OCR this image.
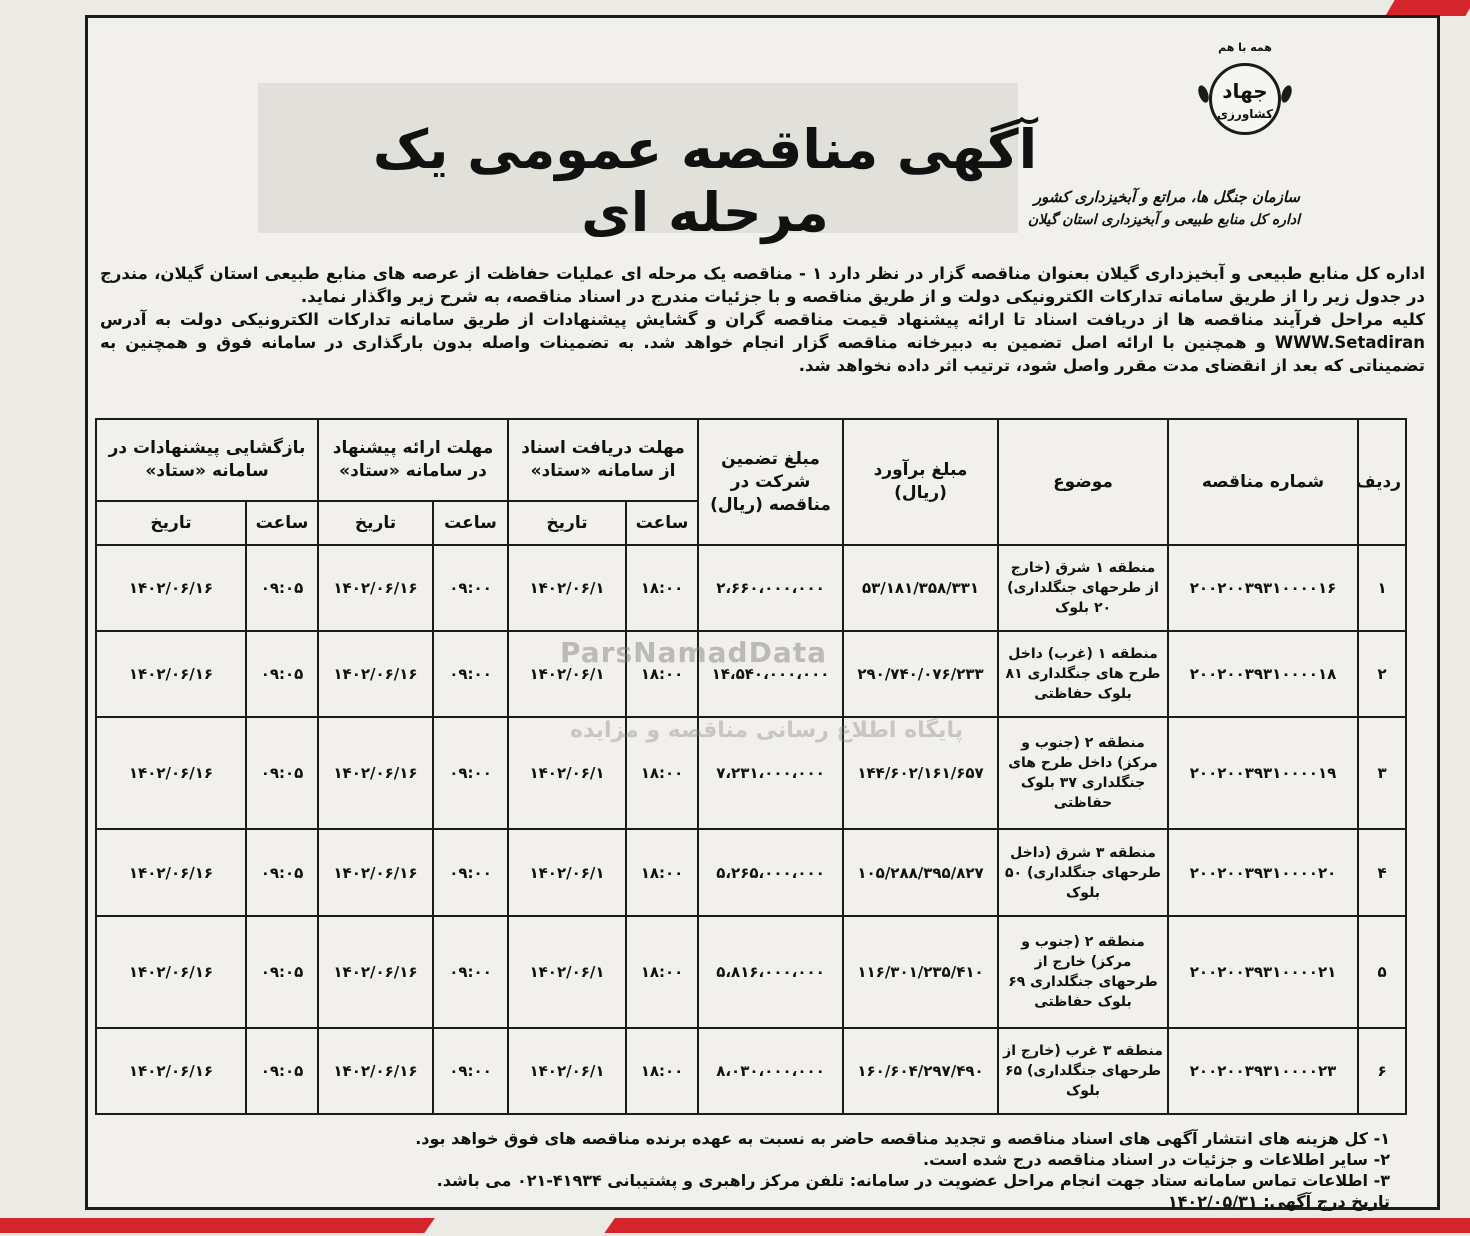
همه با هم
جهاد
کشاورزی
سازمان جنگل ها، مراتع و آبخیزداری کشور
اداره کل منابع طبیعی و آبخیزداری استان گیلان
آگهی مناقصه عمومی یک مرحله ای

اداره کل منابع طبیعی و آبخیزداری گیلان بعنوان مناقصه گزار در نظر دارد ۱ - مناقصه یک مرحله ای عملیات حفاظت از عرصه های منابع طبیعی استان گیلان، مندرج در جدول زیر را از طریق سامانه تدارکات الکترونیکی دولت و از طریق مناقصه و با جزئیات مندرج در اسناد مناقصه، به شرح زیر واگذار نماید.

کلیه مراحل فرآیند مناقصه ها از دریافت اسناد تا ارائه پیشنهاد قیمت مناقصه گران و گشایش پیشنهادات از طریق سامانه تدارکات الکترونیکی دولت به آدرس WWW.Setadiran و همچنین با ارائه اصل تضمین به دبیرخانه مناقصه گزار انجام خواهد شد. به تضمینات واصله بدون بارگذاری در سامانه فوق و همچنین به تضمیناتی که بعد از انقضای مدت مقرر واصل شود، ترتیب اثر داده نخواهد شد.

ردیف	شماره مناقصه	موضوع	مبلغ برآورد (ریال)	مبلغ تضمین شرکت در مناقصه (ریال)	مهلت دریافت اسناد از سامانه «ستاد»		مهلت ارائه پیشنهاد در سامانه «ستاد»		بازگشایی پیشنهادات در سامانه «ستاد»	
					ساعت	تاریخ	ساعت	تاریخ	ساعت	تاریخ
۱	۲۰۰۲۰۰۳۹۳۱۰۰۰۰۱۶	منطقه ۱ شرق (خارج از طرحهای جنگلداری) ۲۰ بلوک	۵۳/۱۸۱/۳۵۸/۳۳۱	۲،۶۶۰،۰۰۰،۰۰۰	۱۸:۰۰	۱۴۰۲/۰۶/۱	۰۹:۰۰	۱۴۰۲/۰۶/۱۶	۰۹:۰۵	۱۴۰۲/۰۶/۱۶
۲	۲۰۰۲۰۰۳۹۳۱۰۰۰۰۱۸	منطقه ۱ (غرب) داخل طرح های جنگلداری ۸۱ بلوک حفاظتی	۲۹۰/۷۴۰/۰۷۶/۲۳۳	۱۴،۵۴۰،۰۰۰،۰۰۰	۱۸:۰۰	۱۴۰۲/۰۶/۱	۰۹:۰۰	۱۴۰۲/۰۶/۱۶	۰۹:۰۵	۱۴۰۲/۰۶/۱۶
۳	۲۰۰۲۰۰۳۹۳۱۰۰۰۰۱۹	منطقه ۲ (جنوب و مرکز) داخل طرح های جنگلداری ۳۷ بلوک حفاظتی	۱۴۴/۶۰۲/۱۶۱/۶۵۷	۷،۲۳۱،۰۰۰،۰۰۰	۱۸:۰۰	۱۴۰۲/۰۶/۱	۰۹:۰۰	۱۴۰۲/۰۶/۱۶	۰۹:۰۵	۱۴۰۲/۰۶/۱۶
۴	۲۰۰۲۰۰۳۹۳۱۰۰۰۰۲۰	منطقه ۳ شرق (داخل طرحهای جنگلداری) ۵۰ بلوک	۱۰۵/۲۸۸/۳۹۵/۸۲۷	۵،۲۶۵،۰۰۰،۰۰۰	۱۸:۰۰	۱۴۰۲/۰۶/۱	۰۹:۰۰	۱۴۰۲/۰۶/۱۶	۰۹:۰۵	۱۴۰۲/۰۶/۱۶
۵	۲۰۰۲۰۰۳۹۳۱۰۰۰۰۲۱	منطقه ۲ (جنوب و مرکز) خارج از طرحهای جنگلداری ۶۹ بلوک حفاظتی	۱۱۶/۳۰۱/۲۳۵/۴۱۰	۵،۸۱۶،۰۰۰،۰۰۰	۱۸:۰۰	۱۴۰۲/۰۶/۱	۰۹:۰۰	۱۴۰۲/۰۶/۱۶	۰۹:۰۵	۱۴۰۲/۰۶/۱۶
۶	۲۰۰۲۰۰۳۹۳۱۰۰۰۰۲۳	منطقه ۳ غرب (خارج از طرحهای جنگلداری) ۶۵ بلوک	۱۶۰/۶۰۴/۲۹۷/۴۹۰	۸،۰۳۰،۰۰۰،۰۰۰	۱۸:۰۰	۱۴۰۲/۰۶/۱	۰۹:۰۰	۱۴۰۲/۰۶/۱۶	۰۹:۰۵	۱۴۰۲/۰۶/۱۶
ParsNamadData
پایگاه اطلاع رسانی مناقصه و مزایده

۱- کل هزینه های انتشار آگهی های اسناد مناقصه و تجدید مناقصه حاضر به نسبت به عهده برنده مناقصه های فوق خواهد بود.

۲- سایر اطلاعات و جزئیات در اسناد مناقصه درج شده است.

۳- اطلاعات تماس سامانه ستاد جهت انجام مراحل عضویت در سامانه: تلفن مرکز راهبری و پشتیبانی ۴۱۹۳۴-۰۲۱ می باشد.

تاریخ درج آگهی: ۱۴۰۲/۰۵/۳۱
